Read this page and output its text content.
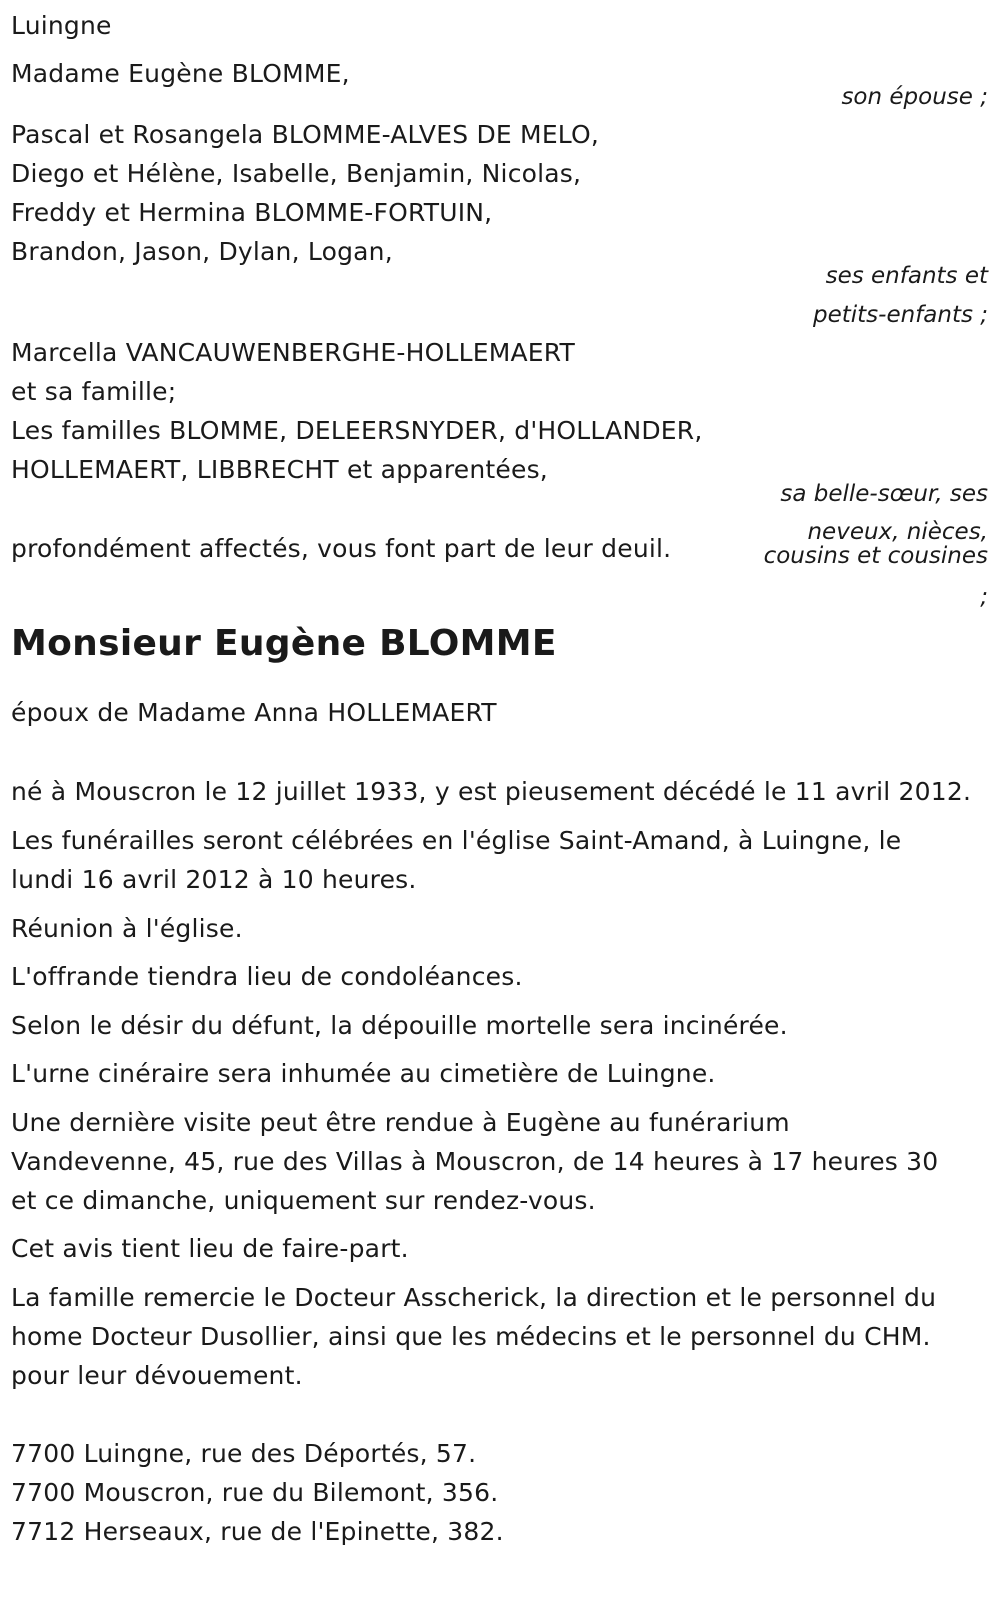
Luingne
Madame Eugène BLOMME,
son épouse ;
Pascal et Rosangela BLOMME-ALVES DE MELO,
Diego et Hélène, Isabelle, Benjamin, Nicolas,
Freddy et Hermina BLOMME-FORTUIN,
Brandon, Jason, Dylan, Logan,
ses enfants et
petits-enfants ;
Marcella VANCAUWENBERGHE-HOLLEMAERT
et sa famille;
Les familles BLOMME, DELEERSNYDER, d'HOLLANDER,
HOLLEMAERT, LIBBRECHT et apparentées,
sa belle-sœur, ses
neveux, nièces,
cousins et cousines
;
profondément affectés, vous font part de leur deuil.
Monsieur Eugène BLOMME
époux de Madame Anna HOLLEMAERT
né à Mouscron le 12 juillet 1933, y est pieusement décédé le 11 avril 2012.
Les funérailles seront célébrées en l'église Saint-Amand, à Luingne, le
lundi 16 avril 2012 à 10 heures.
Réunion à l'église.
L'offrande tiendra lieu de condoléances.
Selon le désir du défunt, la dépouille mortelle sera incinérée.
L'urne cinéraire sera inhumée au cimetière de Luingne.
Une dernière visite peut être rendue à Eugène au funérarium
Vandevenne, 45, rue des Villas à Mouscron, de 14 heures à 17 heures 30
et ce dimanche, uniquement sur rendez-vous.
Cet avis tient lieu de faire-part.
La famille remercie le Docteur Asscherick, la direction et le personnel du
home Docteur Dusollier, ainsi que les médecins et le personnel du CHM.
pour leur dévouement.
7700 Luingne, rue des Déportés, 57.
7700 Mouscron, rue du Bilemont, 356.
7712 Herseaux, rue de l'Epinette, 382.
